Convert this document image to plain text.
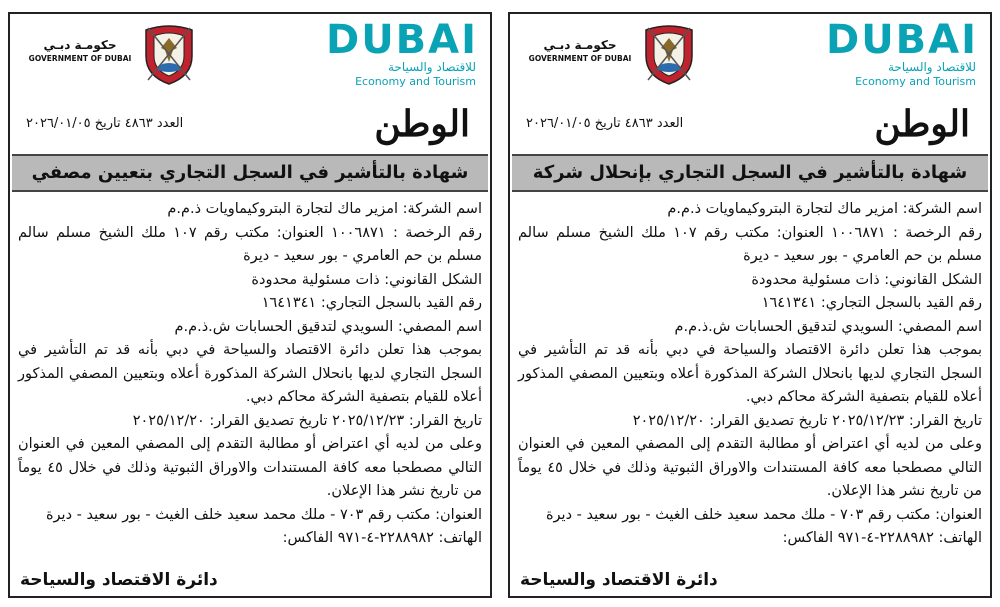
DUBAI
للاقتصاد والسياحة
Economy and Tourism
حكومـة دبـي
GOVERNMENT OF DUBAI
الوطن
العدد ٤٨٦٣ تاريخ ٢٠٢٦/٠١/٠٥
شهادة بالتأشير في السجل التجاري بإنحلال شركة

اسم الشركة: امزير ماك لتجارة البتروكيماويات ذ.م.م

رقم الرخصة : ١٠٠٦٨٧١ العنوان: مكتب رقم ١٠٧ ملك الشيخ مسلم سالم مسلم بن حم العامري - بور سعيد - ديرة

الشكل القانوني: ذات مسئولية محدودة

رقم القيد بالسجل التجاري: ١٦٤١٣٤١

اسم المصفي: السويدي لتدقيق الحسابات ش.ذ.م.م

بموجب هذا تعلن دائرة الاقتصاد والسياحة في دبي بأنه قد تم التأشير في السجل التجاري لديها بانحلال الشركة المذكورة أعلاه وبتعيين المصفي المذكور أعلاه للقيام بتصفية الشركة محاكم دبي.

تاريخ القرار: ٢٠٢٥/١٢/٢٣ تاريخ تصديق القرار: ٢٠٢٥/١٢/٢٠

وعلى من لديه أي اعتراض أو مطالبة التقدم إلى المصفي المعين في العنوان التالي مصطحبا معه كافة المستندات والاوراق الثبوتية وذلك في خلال ٤٥ يوماً من تاريخ نشر هذا الإعلان.

العنوان: مكتب رقم ٧٠٣ - ملك محمد سعيد خلف الغيث - بور سعيد - ديرة

الهاتف: ٢٢٨٨٩٨٢-٤-٩٧١ الفاكس:

دائرة الاقتصاد والسياحة
DUBAI
للاقتصاد والسياحة
Economy and Tourism
حكومـة دبـي
GOVERNMENT OF DUBAI
الوطن
العدد ٤٨٦٣ تاريخ ٢٠٢٦/٠١/٠٥
شهادة بالتأشير في السجل التجاري بتعيين مصفي

اسم الشركة: امزير ماك لتجارة البتروكيماويات ذ.م.م

رقم الرخصة : ١٠٠٦٨٧١ العنوان: مكتب رقم ١٠٧ ملك الشيخ مسلم سالم مسلم بن حم العامري - بور سعيد - ديرة

الشكل القانوني: ذات مسئولية محدودة

رقم القيد بالسجل التجاري: ١٦٤١٣٤١

اسم المصفي: السويدي لتدقيق الحسابات ش.ذ.م.م

بموجب هذا تعلن دائرة الاقتصاد والسياحة في دبي بأنه قد تم التأشير في السجل التجاري لديها بانحلال الشركة المذكورة أعلاه وبتعيين المصفي المذكور أعلاه للقيام بتصفية الشركة محاكم دبي.

تاريخ القرار: ٢٠٢٥/١٢/٢٣ تاريخ تصديق القرار: ٢٠٢٥/١٢/٢٠

وعلى من لديه أي اعتراض أو مطالبة التقدم إلى المصفي المعين في العنوان التالي مصطحبا معه كافة المستندات والاوراق الثبوتية وذلك في خلال ٤٥ يوماً من تاريخ نشر هذا الإعلان.

العنوان: مكتب رقم ٧٠٣ - ملك محمد سعيد خلف الغيث - بور سعيد - ديرة

الهاتف: ٢٢٨٨٩٨٢-٤-٩٧١ الفاكس:

دائرة الاقتصاد والسياحة
